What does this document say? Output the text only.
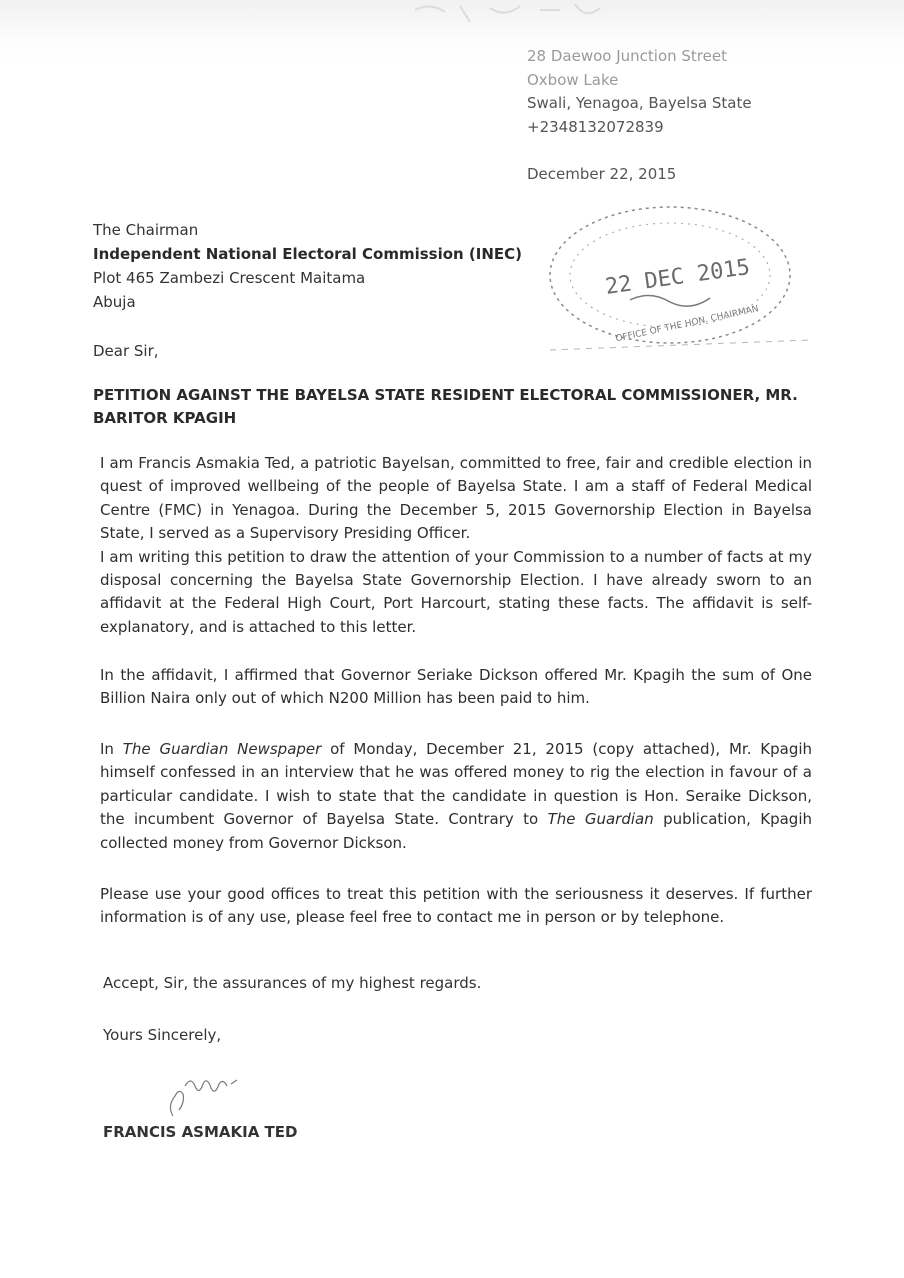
28 Daewoo Junction Street
Oxbow Lake
Swali, Yenagoa, Bayelsa State
+2348132072839
December 22, 2015
The Chairman
Independent National Electoral Commission (INEC)
Plot 465 Zambezi Crescent Maitama
Abuja
22 DEC 2015
OFFICE OF THE HON. CHAIRMAN
Dear Sir,
PETITION AGAINST THE BAYELSA STATE RESIDENT ELECTORAL COMMISSIONER, MR. BARITOR KPAGIH
I am Francis Asmakia Ted, a patriotic Bayelsan, committed to free, fair and credible election in quest of improved wellbeing of the people of Bayelsa State. I am a staff of Federal Medical Centre (FMC) in Yenagoa. During the December 5, 2015 Governorship Election in Bayelsa State, I served as a Supervisory Presiding Officer.
I am writing this petition to draw the attention of your Commission to a number of facts at my disposal concerning the Bayelsa State Governorship Election. I have already sworn to an affidavit at the Federal High Court, Port Harcourt, stating these facts. The affidavit is self-explanatory, and is attached to this letter.
In the affidavit, I affirmed that Governor Seriake Dickson offered Mr. Kpagih the sum of One Billion Naira only out of which N200 Million has been paid to him.
In The Guardian Newspaper of Monday, December 21, 2015 (copy attached), Mr. Kpagih himself confessed in an interview that he was offered money to rig the election in favour of a particular candidate. I wish to state that the candidate in question is Hon. Seraike Dickson, the incumbent Governor of Bayelsa State. Contrary to The Guardian publication, Kpagih collected money from Governor Dickson.
Please use your good offices to treat this petition with the seriousness it deserves. If further information is of any use, please feel free to contact me in person or by telephone.
Accept, Sir, the assurances of my highest regards.
Yours Sincerely,
FRANCIS ASMAKIA TED
